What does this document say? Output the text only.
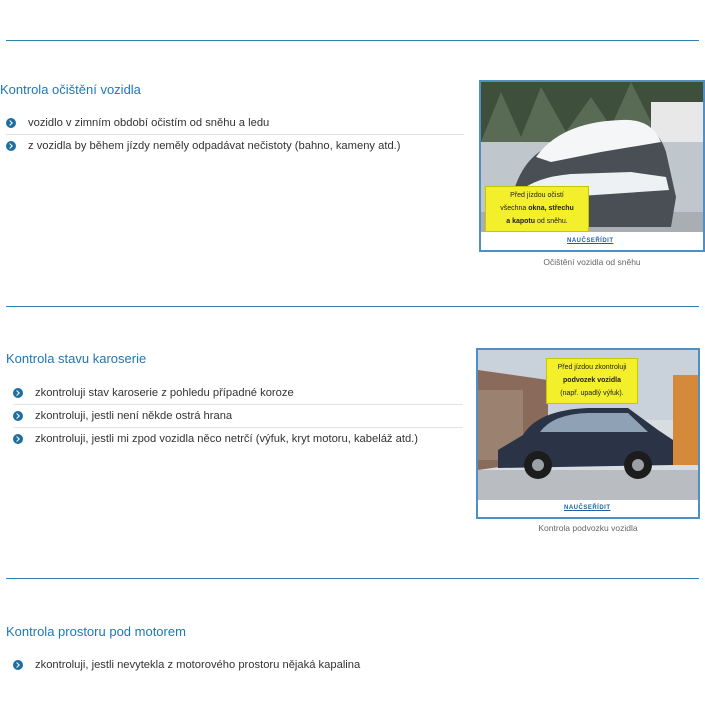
Kontrola očištění vozidla
vozidlo v zimním období očistím od sněhu a ledu
z vozidla by během jízdy neměly odpadávat nečistoty (bahno, kameny atd.)
Před jízdou očistí
všechna okna, střechu
a kapotu od sněhu.
NAUČSEŘÍDIT
Očištění vozidla od sněhu
Kontrola stavu karoserie
zkontroluji stav karoserie z pohledu případné koroze
zkontroluji, jestli není někde ostrá hrana
zkontroluji, jestli mi zpod vozidla něco netrčí (výfuk, kryt motoru, kabeláž atd.)
Před jízdou zkontroluji
podvozek vozidla
(např. upadlý výfuk).
NAUČSEŘÍDIT
Kontrola podvozku vozidla
Kontrola prostoru pod motorem
zkontroluji, jestli nevytekla z motorového prostoru nějaká kapalina
